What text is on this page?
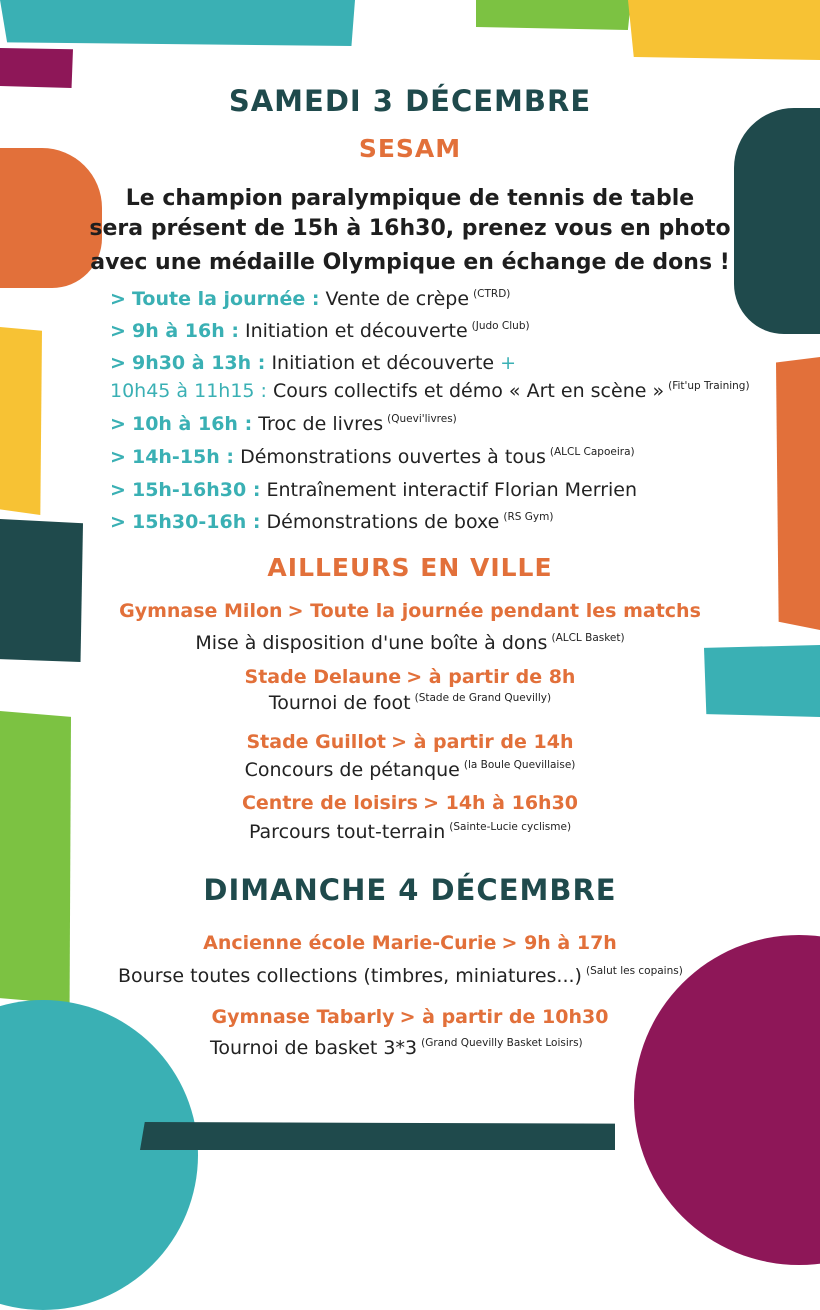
SAMEDI 3 DÉCEMBRE
SESAM
Le champion paralympique de tennis de table
sera présent de 15h à 16h30, prenez vous en photo
avec une médaille Olympique en échange de dons !
> Toute la journée : Vente de crèpe $^{(CTRD)}$
> 9h à 16h : Initiation et découverte $^{(Judo Club)}$
> 9h30 à 13h : Initiation et découverte +
10h45 à 11h15 : Cours collectifs et démo « Art en scène » $^{(Fit'up Training)}$
> 10h à 16h : Troc de livres $^{(Quevi'livres)}$
> 14h-15h : Démonstrations ouvertes à tous $^{(ALCL Capoeira)}$
> 15h-16h30 : Entraînement interactif Florian Merrien
> 15h30-16h : Démonstrations de boxe $^{(RS Gym)}$
AILLEURS EN VILLE
Gymnase Milon > Toute la journée pendant les matchs
Mise à disposition d'une boîte à dons $^{(ALCL Basket)}$
Stade Delaune > à partir de 8h
Tournoi de foot $^{(Stade de Grand Quevilly)}$
Stade Guillot > à partir de 14h
Concours de pétanque $^{(la Boule Quevillaise)}$
Centre de loisirs > 14h à 16h30
Parcours tout-terrain $^{(Sainte-Lucie cyclisme)}$
DIMANCHE 4 DÉCEMBRE
Ancienne école Marie-Curie > 9h à 17h
Bourse toutes collections (timbres, miniatures...) $^{(Salut les copains)}$
Gymnase Tabarly > à partir de 10h30
Tournoi de basket 3*3 $^{(Grand Quevilly Basket Loisirs)}$
